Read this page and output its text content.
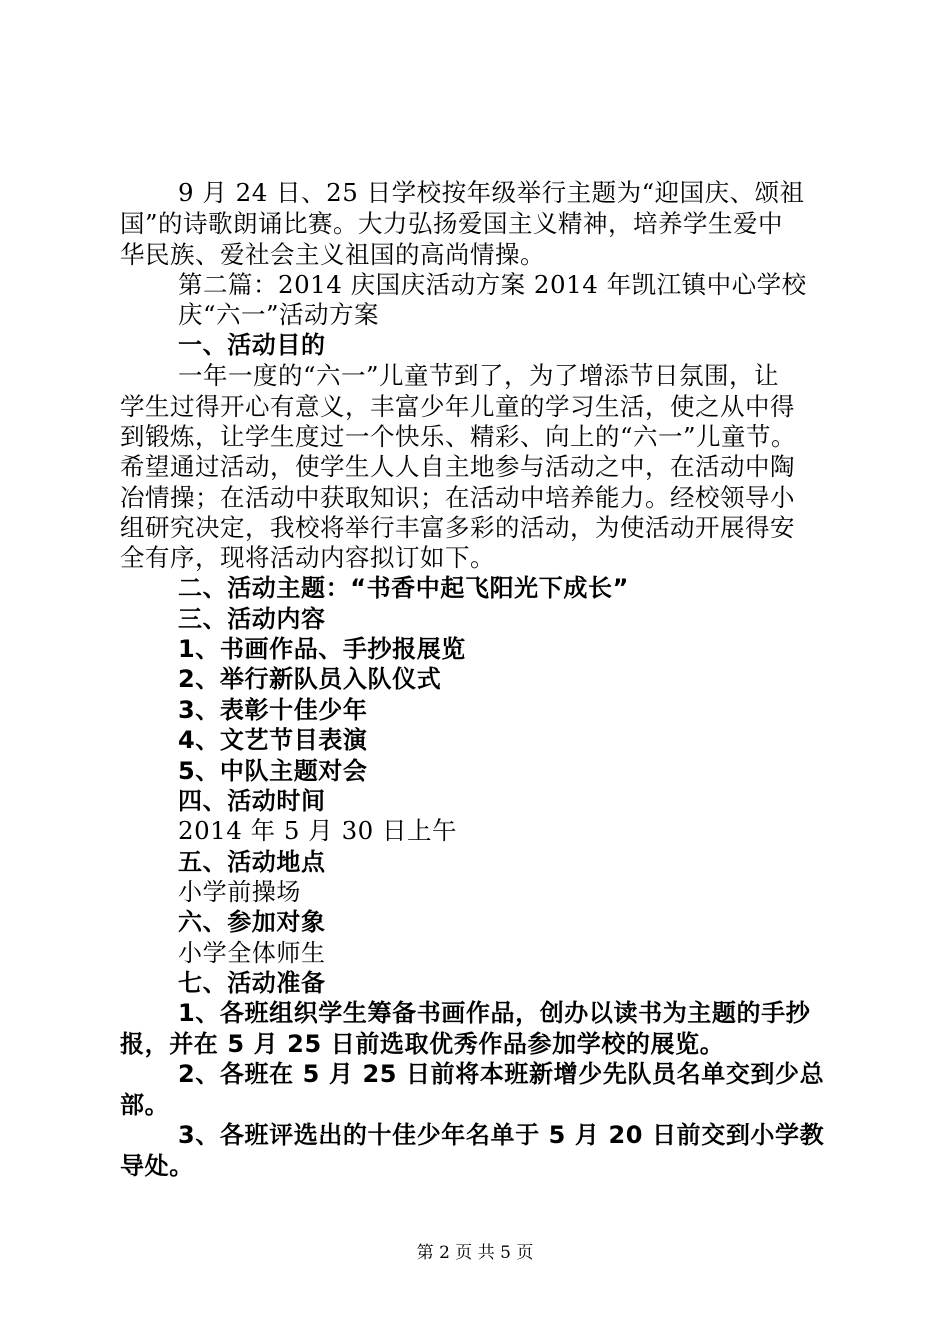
9 月 24 日、25 日学校按年级举行主题为“迎国庆、颂祖
国”的诗歌朗诵比赛。大力弘扬爱国主义精神，培养学生爱中
华民族、爱社会主义祖国的高尚情操。
第二篇：2014 庆国庆活动方案 2014 年凯江镇中心学校
庆“六一”活动方案
一、活动目的
一年一度的“六一”儿童节到了，为了增添节日氛围，让
学生过得开心有意义，丰富少年儿童的学习生活，使之从中得
到锻炼，让学生度过一个快乐、精彩、向上的“六一”儿童节。
希望通过活动，使学生人人自主地参与活动之中，在活动中陶
冶情操；在活动中获取知识；在活动中培养能力。经校领导小
组研究决定，我校将举行丰富多彩的活动，为使活动开展得安
全有序，现将活动内容拟订如下。
二、活动主题：“书香中起飞阳光下成长”
三、活动内容
1、书画作品、手抄报展览
2、举行新队员入队仪式
3、表彰十佳少年
4、文艺节目表演
5、中队主题对会
四、活动时间
2014 年 5 月 30 日上午
五、活动地点
小学前操场
六、参加对象
小学全体师生
七、活动准备
1、各班组织学生筹备书画作品，创办以读书为主题的手抄
报，并在 5 月 25 日前选取优秀作品参加学校的展览。
2、各班在 5 月 25 日前将本班新增少先队员名单交到少总
部。
3、各班评选出的十佳少年名单于 5 月 20 日前交到小学教
导处。
第 2 页 共 5 页
